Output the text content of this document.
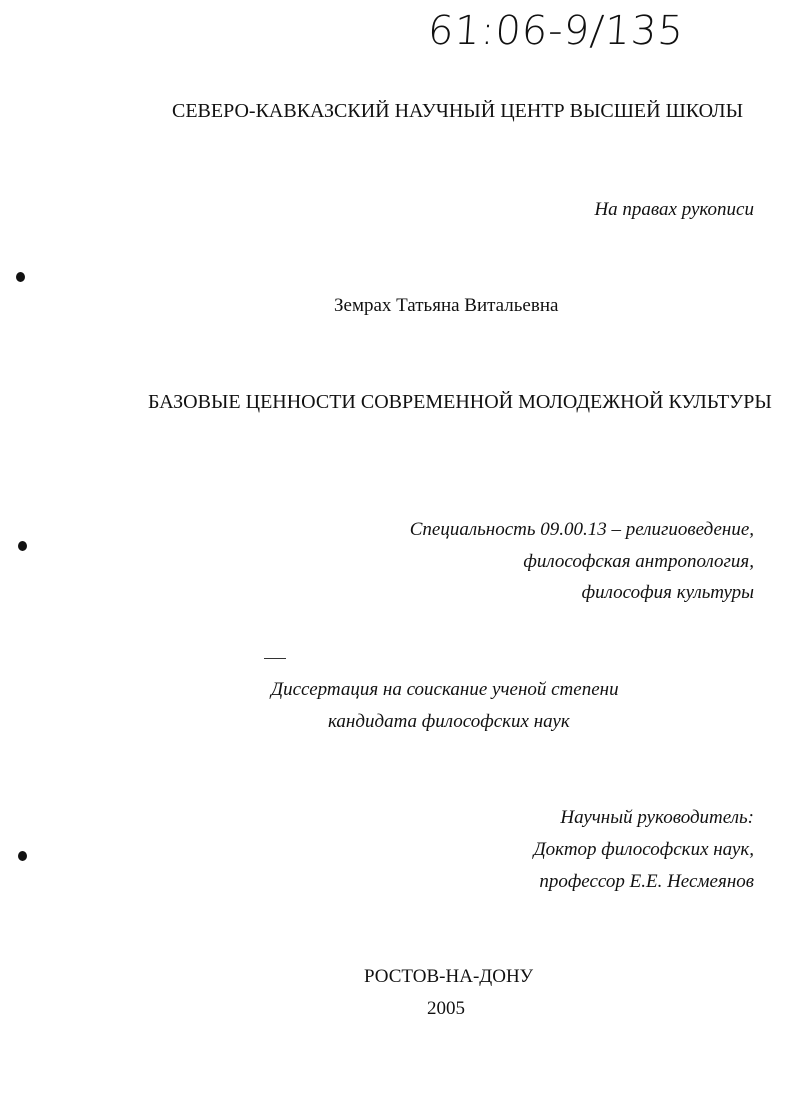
61:06-9/135
СЕВЕРО-КАВКАЗСКИЙ НАУЧНЫЙ ЦЕНТР ВЫСШЕЙ ШКОЛЫ
На правах рукописи
Земрах Татьяна Витальевна
БАЗОВЫЕ ЦЕННОСТИ СОВРЕМЕННОЙ МОЛОДЕЖНОЙ КУЛЬТУРЫ
Специальность 09.00.13 – религиоведение,
философская антропология,
философия культуры
Диссертация на соискание ученой степени
кандидата философских наук
Научный руководитель:
Доктор философских наук,
профессор Е.Е. Несмеянов
РОСТОВ-НА-ДОНУ
2005
